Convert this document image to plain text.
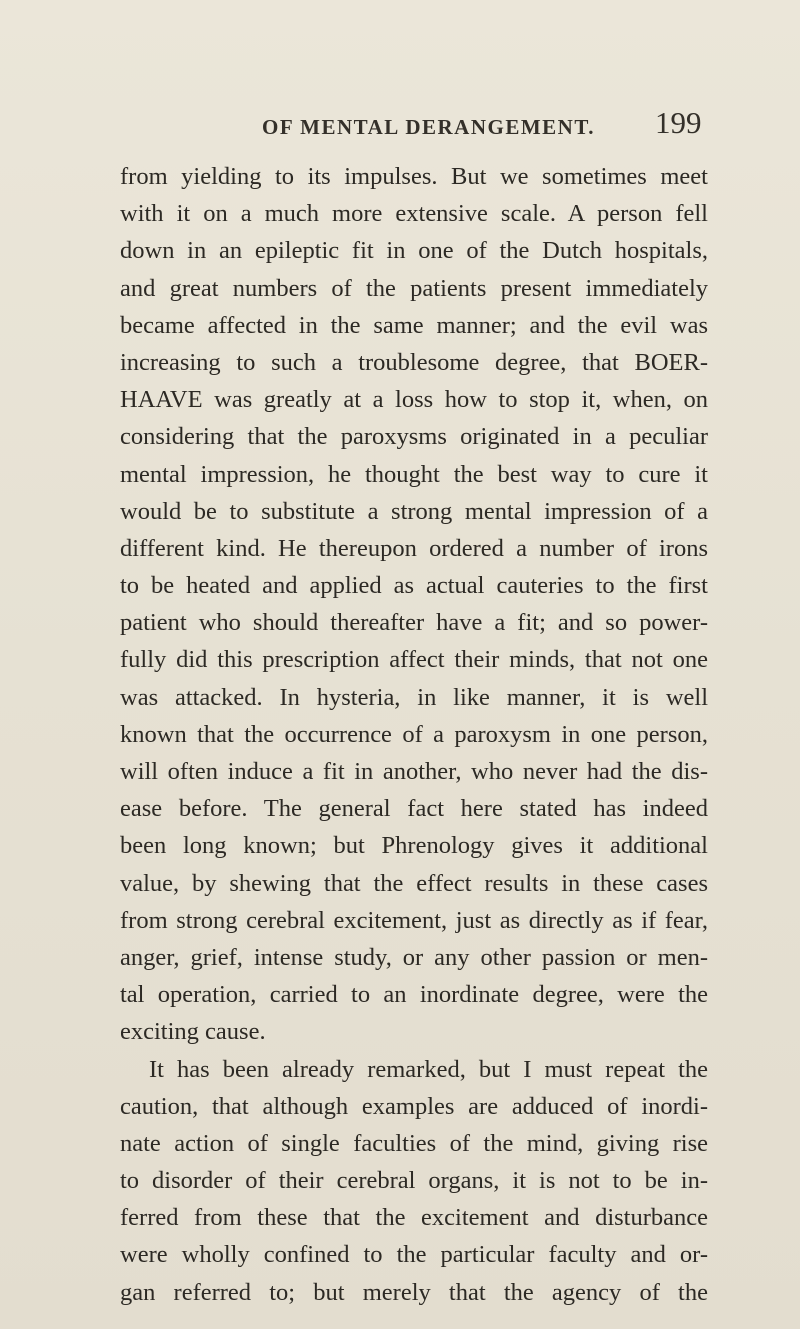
OF MENTAL DERANGEMENT. 199
from yielding to its impulses. But we sometimes meet
with it on a much more extensive scale. A person fell
down in an epileptic fit in one of the Dutch hospitals,
and great numbers of the patients present immediately
became affected in the same manner; and the evil was
increasing to such a troublesome degree, that BOER-
HAAVE was greatly at a loss how to stop it, when, on
considering that the paroxysms originated in a peculiar
mental impression, he thought the best way to cure it
would be to substitute a strong mental impression of a
different kind. He thereupon ordered a number of irons
to be heated and applied as actual cauteries to the first
patient who should thereafter have a fit; and so power-
fully did this prescription affect their minds, that not one
was attacked. In hysteria, in like manner, it is well
known that the occurrence of a paroxysm in one person,
will often induce a fit in another, who never had the dis-
ease before. The general fact here stated has indeed
been long known; but Phrenology gives it additional
value, by shewing that the effect results in these cases
from strong cerebral excitement, just as directly as if fear,
anger, grief, intense study, or any other passion or men-
tal operation, carried to an inordinate degree, were the
exciting cause.
It has been already remarked, but I must repeat the
caution, that although examples are adduced of inordi-
nate action of single faculties of the mind, giving rise
to disorder of their cerebral organs, it is not to be in-
ferred from these that the excitement and disturbance
were wholly confined to the particular faculty and or-
gan referred to; but merely that the agency of the
